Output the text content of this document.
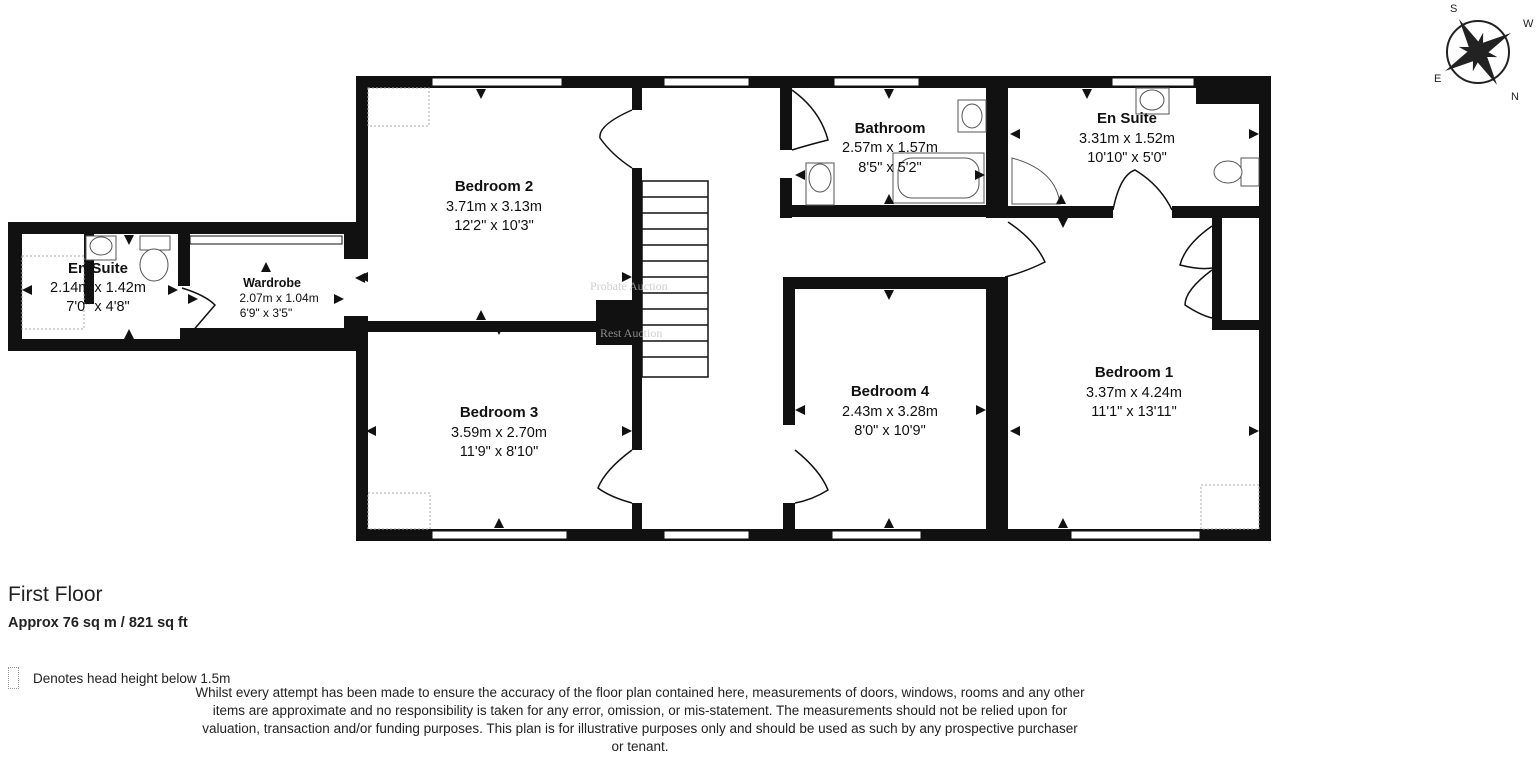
Probate Auction
Rest Auction
Bedroom 2
3.71m x 3.13m
12'2" x 10'3"
Bathroom
2.57m x 1.57m
8'5" x 5'2"
En Suite
3.31m x 1.52m
10'10" x 5'0"
En Suite
2.14m x 1.42m
7'0" x 4'8"
Wardrobe
2.07m x 1.04m
6'9" x 3'5"
Bedroom 3
3.59m x 2.70m
11'9" x 8'10"
Bedroom 4
2.43m x 3.28m
8'0" x 10'9"
Bedroom 1
3.37m x 4.24m
11'1" x 13'11"
S
W
N
E
First Floor
Approx 76 sq m / 821 sq ft
Denotes head height below 1.5m
Whilst every attempt has been made to ensure the accuracy of the floor plan contained here, measurements of doors, windows, rooms and any other items are approximate and no responsibility is taken for any error, omission, or mis-statement. The measurements should not be relied upon for valuation, transaction and/or funding purposes. This plan is for illustrative purposes only and should be used as such by any prospective purchaser or tenant.
